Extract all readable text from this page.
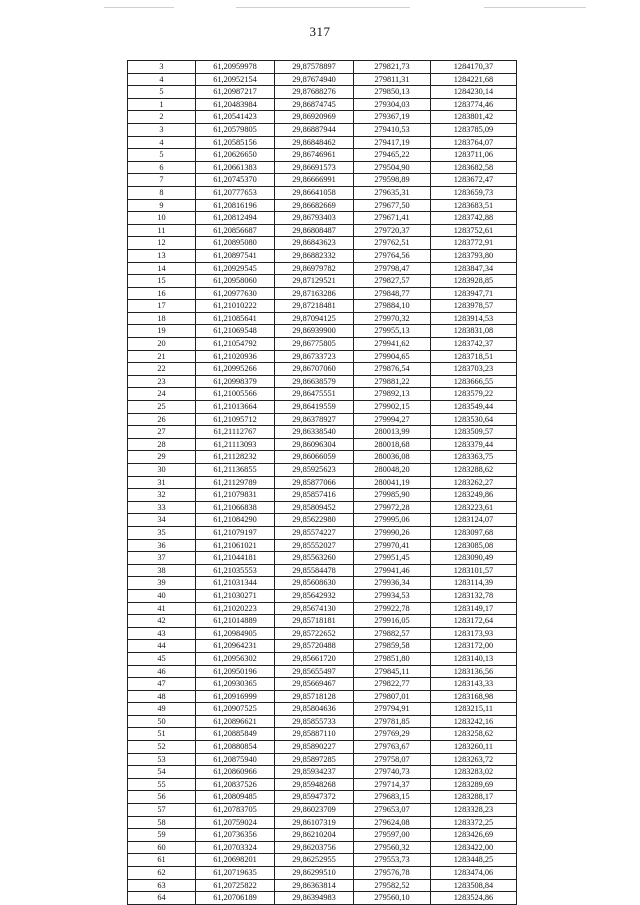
317
3	61,20959978	29,87578897	279821,73	1284170,37
4	61,20952154	29,87674940	279811,31	1284221,68
5	61,20987217	29,87688276	279850,13	1284230,14
1	61,20483984	29,86874745	279304,03	1283774,46
2	61,20541423	29,86920969	279367,19	1283801,42
3	61,20579805	29,86887944	279410,53	1283785,09
4	61,20585156	29,86848462	279417,19	1283764,07
5	61,20626650	29,86746961	279465,22	1283711,06
6	61,20661383	29,86691573	279504,90	1283682,58
7	61,20745370	29,86666991	279598,89	1283672,47
8	61,20777653	29,86641058	279635,31	1283659,73
9	61,20816196	29,86682669	279677,50	1283683,51
10	61,20812494	29,86793403	279671,41	1283742,88
11	61,20856687	29,86808487	279720,37	1283752,61
12	61,20895080	29,86843623	279762,51	1283772,91
13	61,20897541	29,86882332	279764,56	1283793,80
14	61,20929545	29,86979782	279798,47	1283847,34
15	61,20958060	29,87129521	279827,57	1283928,85
16	61,20977630	29,87163286	279848,77	1283947,71
17	61,21010222	29,87218481	279884,10	1283978,57
18	61,21085641	29,87094125	279970,32	1283914,53
19	61,21069548	29,86939900	279955,13	1283831,08
20	61,21054792	29,86775805	279941,62	1283742,37
21	61,21020936	29,86733723	279904,65	1283718,51
22	61,20995266	29,86707060	279876,54	1283703,23
23	61,20998379	29,86638579	279881,22	1283666,55
24	61,21005566	29,86475551	279892,13	1283579,22
25	61,21013664	29,86419559	279902,15	1283549,44
26	61,21095712	29,86378927	279994,27	1283530,64
27	61,21112767	29,86338540	280013,99	1283509,57
28	61,21113093	29,86096304	280018,68	1283379,44
29	61,21128232	29,86066059	280036,08	1283363,75
30	61,21136855	29,85925623	280048,20	1283288,62
31	61,21129789	29,85877066	280041,19	1283262,27
32	61,21079831	29,85857416	279985,90	1283249,86
33	61,21066838	29,85809452	279972,28	1283223,61
34	61,21084290	29,85622980	279995,06	1283124,07
35	61,21079197	29,85574227	279990,26	1283097,68
36	61,21061021	29,85552027	279970,41	1283085,08
37	61,21044181	29,85563260	279951,45	1283090,49
38	61,21035553	29,85584478	279941,46	1283101,57
39	61,21031344	29,85608630	279936,34	1283114,39
40	61,21030271	29,85642932	279934,53	1283132,78
41	61,21020223	29,85674130	279922,78	1283149,17
42	61,21014889	29,85718181	279916,05	1283172,64
43	61,20984905	29,85722652	279882,57	1283173,93
44	61,20964231	29,85720488	279859,58	1283172,00
45	61,20956302	29,85661720	279851,80	1283140,13
46	61,20950196	29,85655497	279845,11	1283136,56
47	61,20930365	29,85669467	279822,77	1283143,33
48	61,20916999	29,85718128	279807,01	1283168,98
49	61,20907525	29,85804636	279794,91	1283215,11
50	61,20896621	29,85855733	279781,85	1283242,16
51	61,20885849	29,85887110	279769,29	1283258,62
52	61,20880854	29,85890227	279763,67	1283260,11
53	61,20875940	29,85897285	279758,07	1283263,72
54	61,20860966	29,85934237	279740,73	1283283,02
55	61,20837526	29,85948268	279714,37	1283289,69
56	61,20809485	29,85947372	279683,15	1283288,17
57	61,20783705	29,86023709	279653,07	1283328,23
58	61,20759024	29,86107319	279624,08	1283372,25
59	61,20736356	29,86210204	279597,00	1283426,69
60	61,20703324	29,86203756	279560,32	1283422,00
61	61,20698201	29,86252955	279553,73	1283448,25
62	61,20719635	29,86299510	279576,78	1283474,06
63	61,20725822	29,86363814	279582,52	1283508,84
64	61,20706189	29,86394983	279560,10	1283524,86
